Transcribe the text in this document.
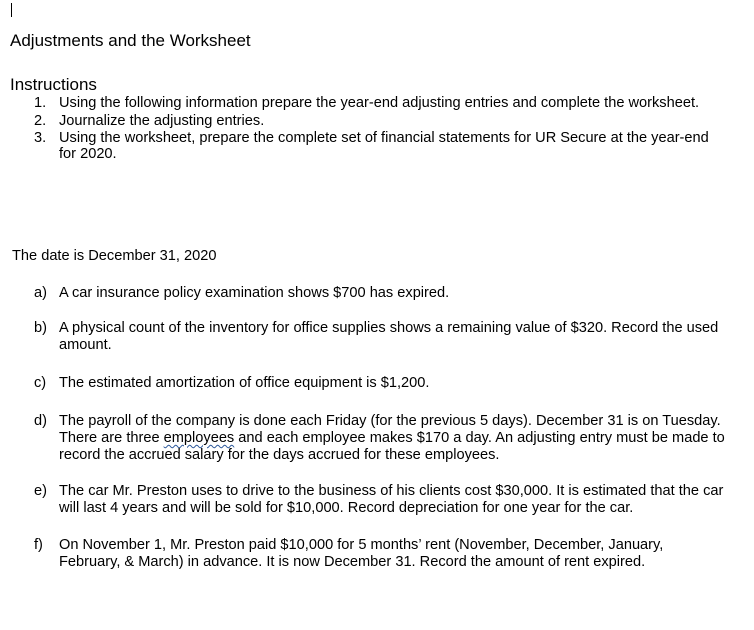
Adjustments and the Worksheet
Instructions
1. Using the following information prepare the year-end adjusting entries and complete the worksheet.
2. Journalize the adjusting entries.
3. Using the worksheet, prepare the complete set of financial statements for UR Secure at the year-end for 2020.
The date is December 31, 2020
a) A car insurance policy examination shows $700 has expired.
b) A physical count of the inventory for office supplies shows a remaining value of $320. Record the used amount.
c) The estimated amortization of office equipment is $1,200.
d) The payroll of the company is done each Friday (for the previous 5 days). December 31 is on Tuesday. There are three employees and each employee makes $170 a day. An adjusting entry must be made to record the accrued salary for the days accrued for these employees.
e) The car Mr. Preston uses to drive to the business of his clients cost $30,000. It is estimated that the car will last 4 years and will be sold for $10,000. Record depreciation for one year for the car.
f) On November 1, Mr. Preston paid $10,000 for 5 months’ rent (November, December, January, February, & March) in advance. It is now December 31. Record the amount of rent expired.
